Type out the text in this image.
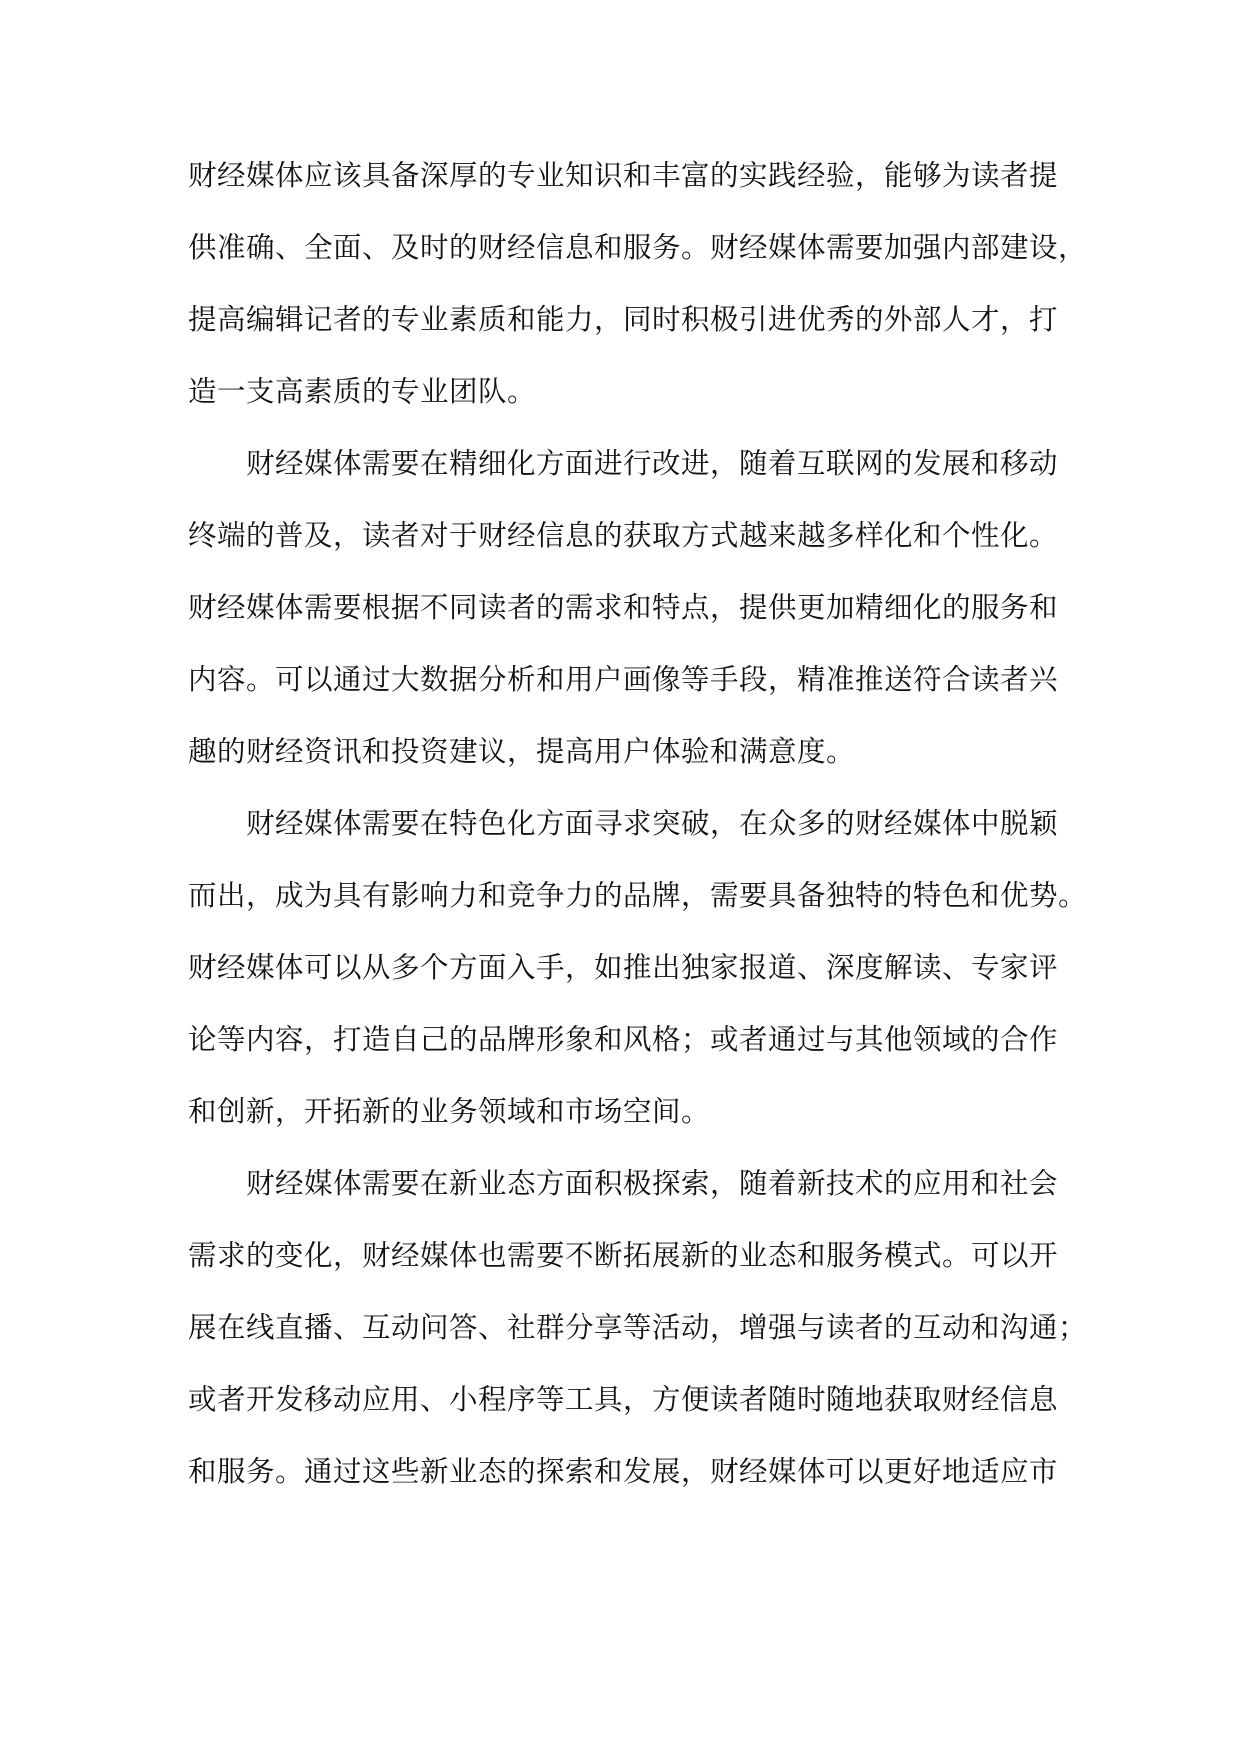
财经媒体应该具备深厚的专业知识和丰富的实践经验，能够为读者提
供准确、全面、及时的财经信息和服务。财经媒体需要加强内部建设，
提高编辑记者的专业素质和能力，同时积极引进优秀的外部人才，打
造一支高素质的专业团队。
财经媒体需要在精细化方面进行改进，随着互联网的发展和移动
终端的普及，读者对于财经信息的获取方式越来越多样化和个性化。
财经媒体需要根据不同读者的需求和特点，提供更加精细化的服务和
内容。可以通过大数据分析和用户画像等手段，精准推送符合读者兴
趣的财经资讯和投资建议，提高用户体验和满意度。
财经媒体需要在特色化方面寻求突破，在众多的财经媒体中脱颖
而出，成为具有影响力和竞争力的品牌，需要具备独特的特色和优势。
财经媒体可以从多个方面入手，如推出独家报道、深度解读、专家评
论等内容，打造自己的品牌形象和风格；或者通过与其他领域的合作
和创新，开拓新的业务领域和市场空间。
财经媒体需要在新业态方面积极探索，随着新技术的应用和社会
需求的变化，财经媒体也需要不断拓展新的业态和服务模式。可以开
展在线直播、互动问答、社群分享等活动，增强与读者的互动和沟通；
或者开发移动应用、小程序等工具，方便读者随时随地获取财经信息
和服务。通过这些新业态的探索和发展，财经媒体可以更好地适应市
